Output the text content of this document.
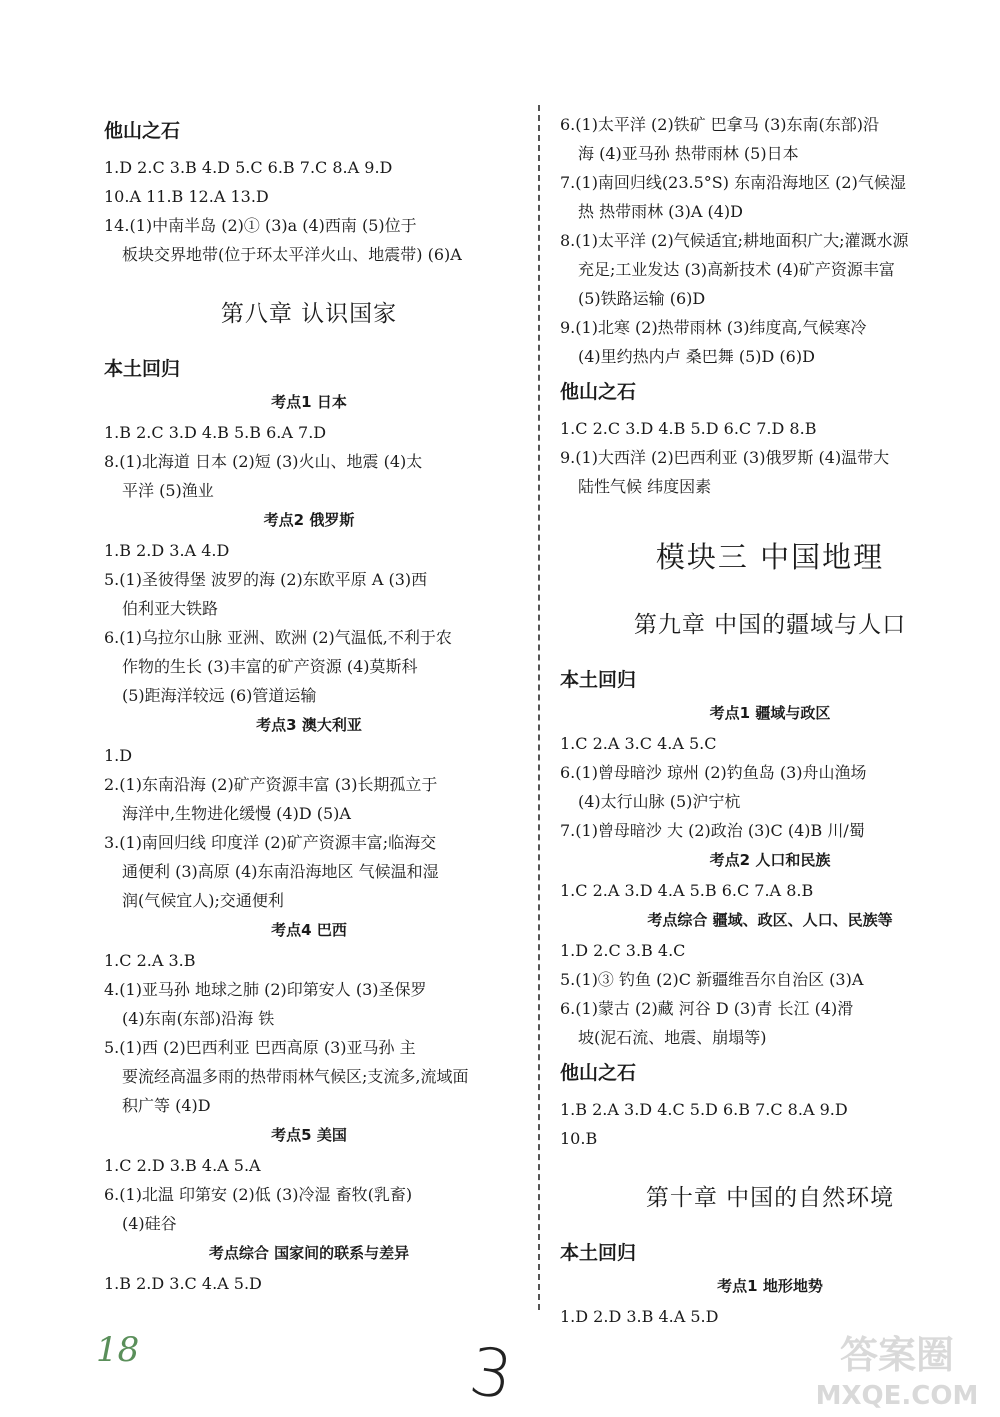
他山之石

1.D 2.C 3.B 4.D 5.C 6.B 7.C 8.A 9.D

10.A 11.B 12.A 13.D

14.(1)中南半岛 (2)① (3)a (4)西南 (5)位于

板块交界地带(位于环太平洋火山、地震带) (6)A

第八章 认识国家
本土回归
考点1 日本

1.B 2.C 3.D 4.B 5.B 6.A 7.D

8.(1)北海道 日本 (2)短 (3)火山、地震 (4)太

平洋 (5)渔业

考点2 俄罗斯

1.B 2.D 3.A 4.D

5.(1)圣彼得堡 波罗的海 (2)东欧平原 A (3)西

伯利亚大铁路

6.(1)乌拉尔山脉 亚洲、欧洲 (2)气温低,不利于农

作物的生长 (3)丰富的矿产资源 (4)莫斯科

(5)距海洋较远 (6)管道运输

考点3 澳大利亚

1.D

2.(1)东南沿海 (2)矿产资源丰富 (3)长期孤立于

海洋中,生物进化缓慢 (4)D (5)A

3.(1)南回归线 印度洋 (2)矿产资源丰富;临海交

通便利 (3)高原 (4)东南沿海地区 气候温和湿

润(气候宜人);交通便利

考点4 巴西

1.C 2.A 3.B

4.(1)亚马孙 地球之肺 (2)印第安人 (3)圣保罗

(4)东南(东部)沿海 铁

5.(1)西 (2)巴西利亚 巴西高原 (3)亚马孙 主

要流经高温多雨的热带雨林气候区;支流多,流域面

积广等 (4)D

考点5 美国

1.C 2.D 3.B 4.A 5.A

6.(1)北温 印第安 (2)低 (3)冷湿 畜牧(乳畜)

(4)硅谷

考点综合 国家间的联系与差异

1.B 2.D 3.C 4.A 5.D

6.(1)太平洋 (2)铁矿 巴拿马 (3)东南(东部)沿

海 (4)亚马孙 热带雨林 (5)日本

7.(1)南回归线(23.5°S) 东南沿海地区 (2)气候湿

热 热带雨林 (3)A (4)D

8.(1)太平洋 (2)气候适宜;耕地面积广大;灌溉水源

充足;工业发达 (3)高新技术 (4)矿产资源丰富

(5)铁路运输 (6)D

9.(1)北寒 (2)热带雨林 (3)纬度高,气候寒冷

(4)里约热内卢 桑巴舞 (5)D (6)D

他山之石

1.C 2.C 3.D 4.B 5.D 6.C 7.D 8.B

9.(1)大西洋 (2)巴西利亚 (3)俄罗斯 (4)温带大

陆性气候 纬度因素

模块三 中国地理
第九章 中国的疆域与人口
本土回归
考点1 疆域与政区

1.C 2.A 3.C 4.A 5.C

6.(1)曾母暗沙 琼州 (2)钓鱼岛 (3)舟山渔场

(4)太行山脉 (5)沪宁杭

7.(1)曾母暗沙 大 (2)政治 (3)C (4)B 川/蜀

考点2 人口和民族

1.C 2.A 3.D 4.A 5.B 6.C 7.A 8.B

考点综合 疆域、政区、人口、民族等

1.D 2.C 3.B 4.C

5.(1)③ 钓鱼 (2)C 新疆维吾尔自治区 (3)A

6.(1)蒙古 (2)藏 河谷 D (3)青 长江 (4)滑

坡(泥石流、地震、崩塌等)

他山之石

1.B 2.A 3.D 4.C 5.D 6.B 7.C 8.A 9.D

10.B

第十章 中国的自然环境
本土回归
考点1 地形地势

1.D 2.D 3.B 4.A 5.D

18	3	答案圈
MXQE.COM
